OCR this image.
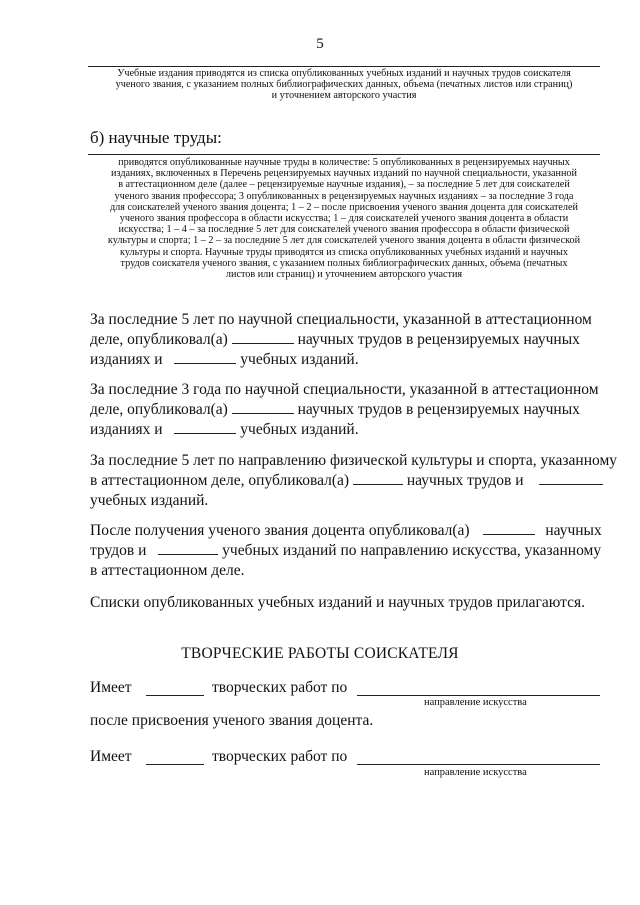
5
Учебные издания приводятся из списка опубликованных учебных изданий и научных трудов соискателя
ученого звания, с указанием полных библиографических данных, объема (печатных листов или страниц)
и уточнением авторского участия
б) научные труды:
приводятся опубликованные научные труды в количестве: 5 опубликованных в рецензируемых научных
изданиях, включенных в Перечень рецензируемых научных изданий по научной специальности, указанной
в аттестационном деле (далее – рецензируемые научные издания), – за последние 5 лет для соискателей
ученого звания профессора; 3 опубликованных в рецензируемых научных изданиях – за последние 3 года
для соискателей ученого звания доцента; 1 – 2 – после присвоения ученого звания доцента для соискателей
ученого звания профессора в области искусства; 1 – для соискателей ученого звания доцента в области
искусства; 1 – 4 – за последние 5 лет для соискателей ученого звания профессора в области физической
культуры и спорта; 1 – 2 – за последние 5 лет для соискателей ученого звания доцента в области физической
культуры и спорта. Научные труды приводятся из списка опубликованных учебных изданий и научных
трудов соискателя ученого звания, с указанием полных библиографических данных, объема (печатных
листов или страниц) и уточнением авторского участия
За последние 5 лет по научной специальности, указанной в аттестационном
деле, опубликовал(а)	научных трудов в рецензируемых научных
изданиях и	учебных изданий.
За последние 3 года по научной специальности, указанной в аттестационном
деле, опубликовал(а)	научных трудов в рецензируемых научных
изданиях и	учебных изданий.
За последние 5 лет по направлению физической культуры и спорта, указанному
в аттестационном деле, опубликовал(а)	научных трудов и
учебных изданий.
После получения ученого звания доцента опубликовал(а)	научных
трудов и	учебных изданий по направлению искусства, указанному
в аттестационном деле.
Списки опубликованных учебных изданий и научных трудов прилагаются.
ТВОРЧЕСКИЕ РАБОТЫ СОИСКАТЕЛЯ
Имеет	творческих работ по
направление искусства
после присвоения ученого звания доцента.
Имеет	творческих работ по
направление искусства
